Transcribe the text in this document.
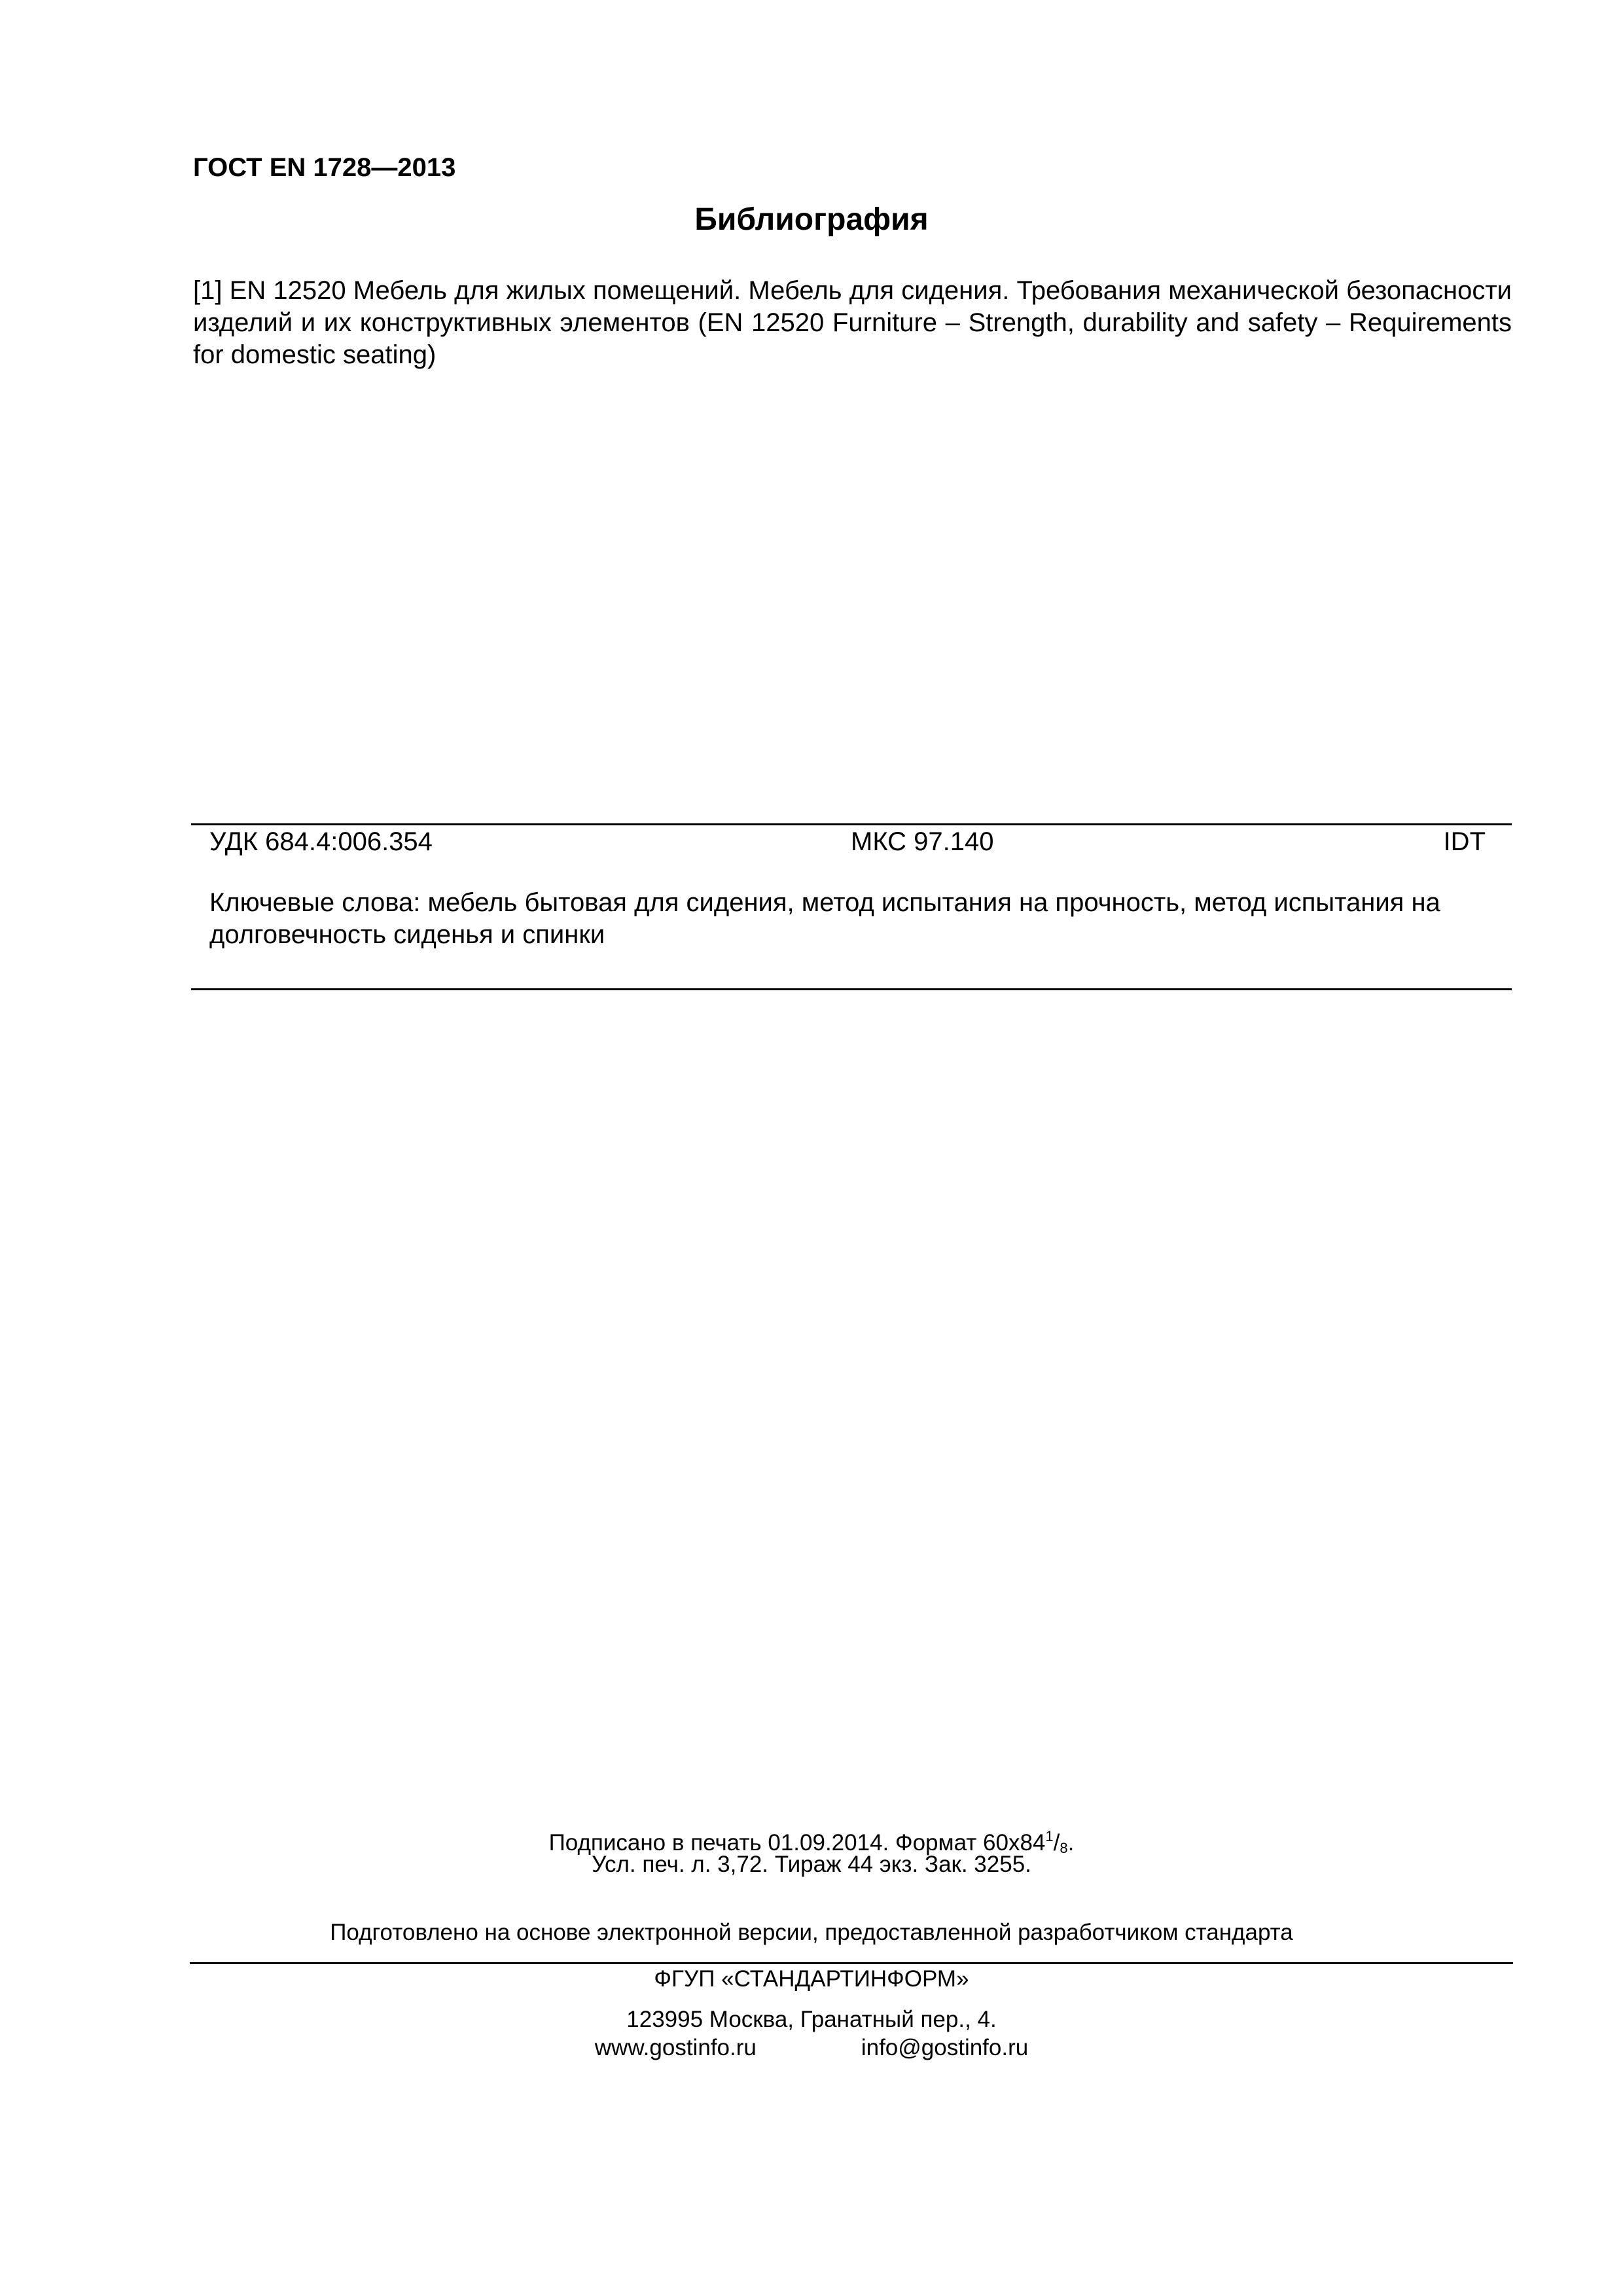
ГОСТ EN 1728—2013
Библиография
[1] EN 12520 Мебель для жилых помещений. Мебель для сидения. Требования механической безопасности изделий и их конструктивных элементов (EN 12520 Furniture – Strength, durability and safety – Requirements for domestic seating)
УДК 684.4:006.354	МКС 97.140	IDT
Ключевые слова: мебель бытовая для сидения, метод испытания на прочность, метод испытания на долговечность сиденья и спинки
Подписано в печать 01.09.2014. Формат $60х84^1/_8$.
Усл. печ. л. 3,72. Тираж 44 экз. Зак. 3255.
Подготовлено на основе электронной версии, предоставленной разработчиком стандарта
ФГУП «СТАНДАРТИНФОРМ»
123995 Москва, Гранатный пер., 4.
www.gostinfo.ru	info@gostinfo.ru
